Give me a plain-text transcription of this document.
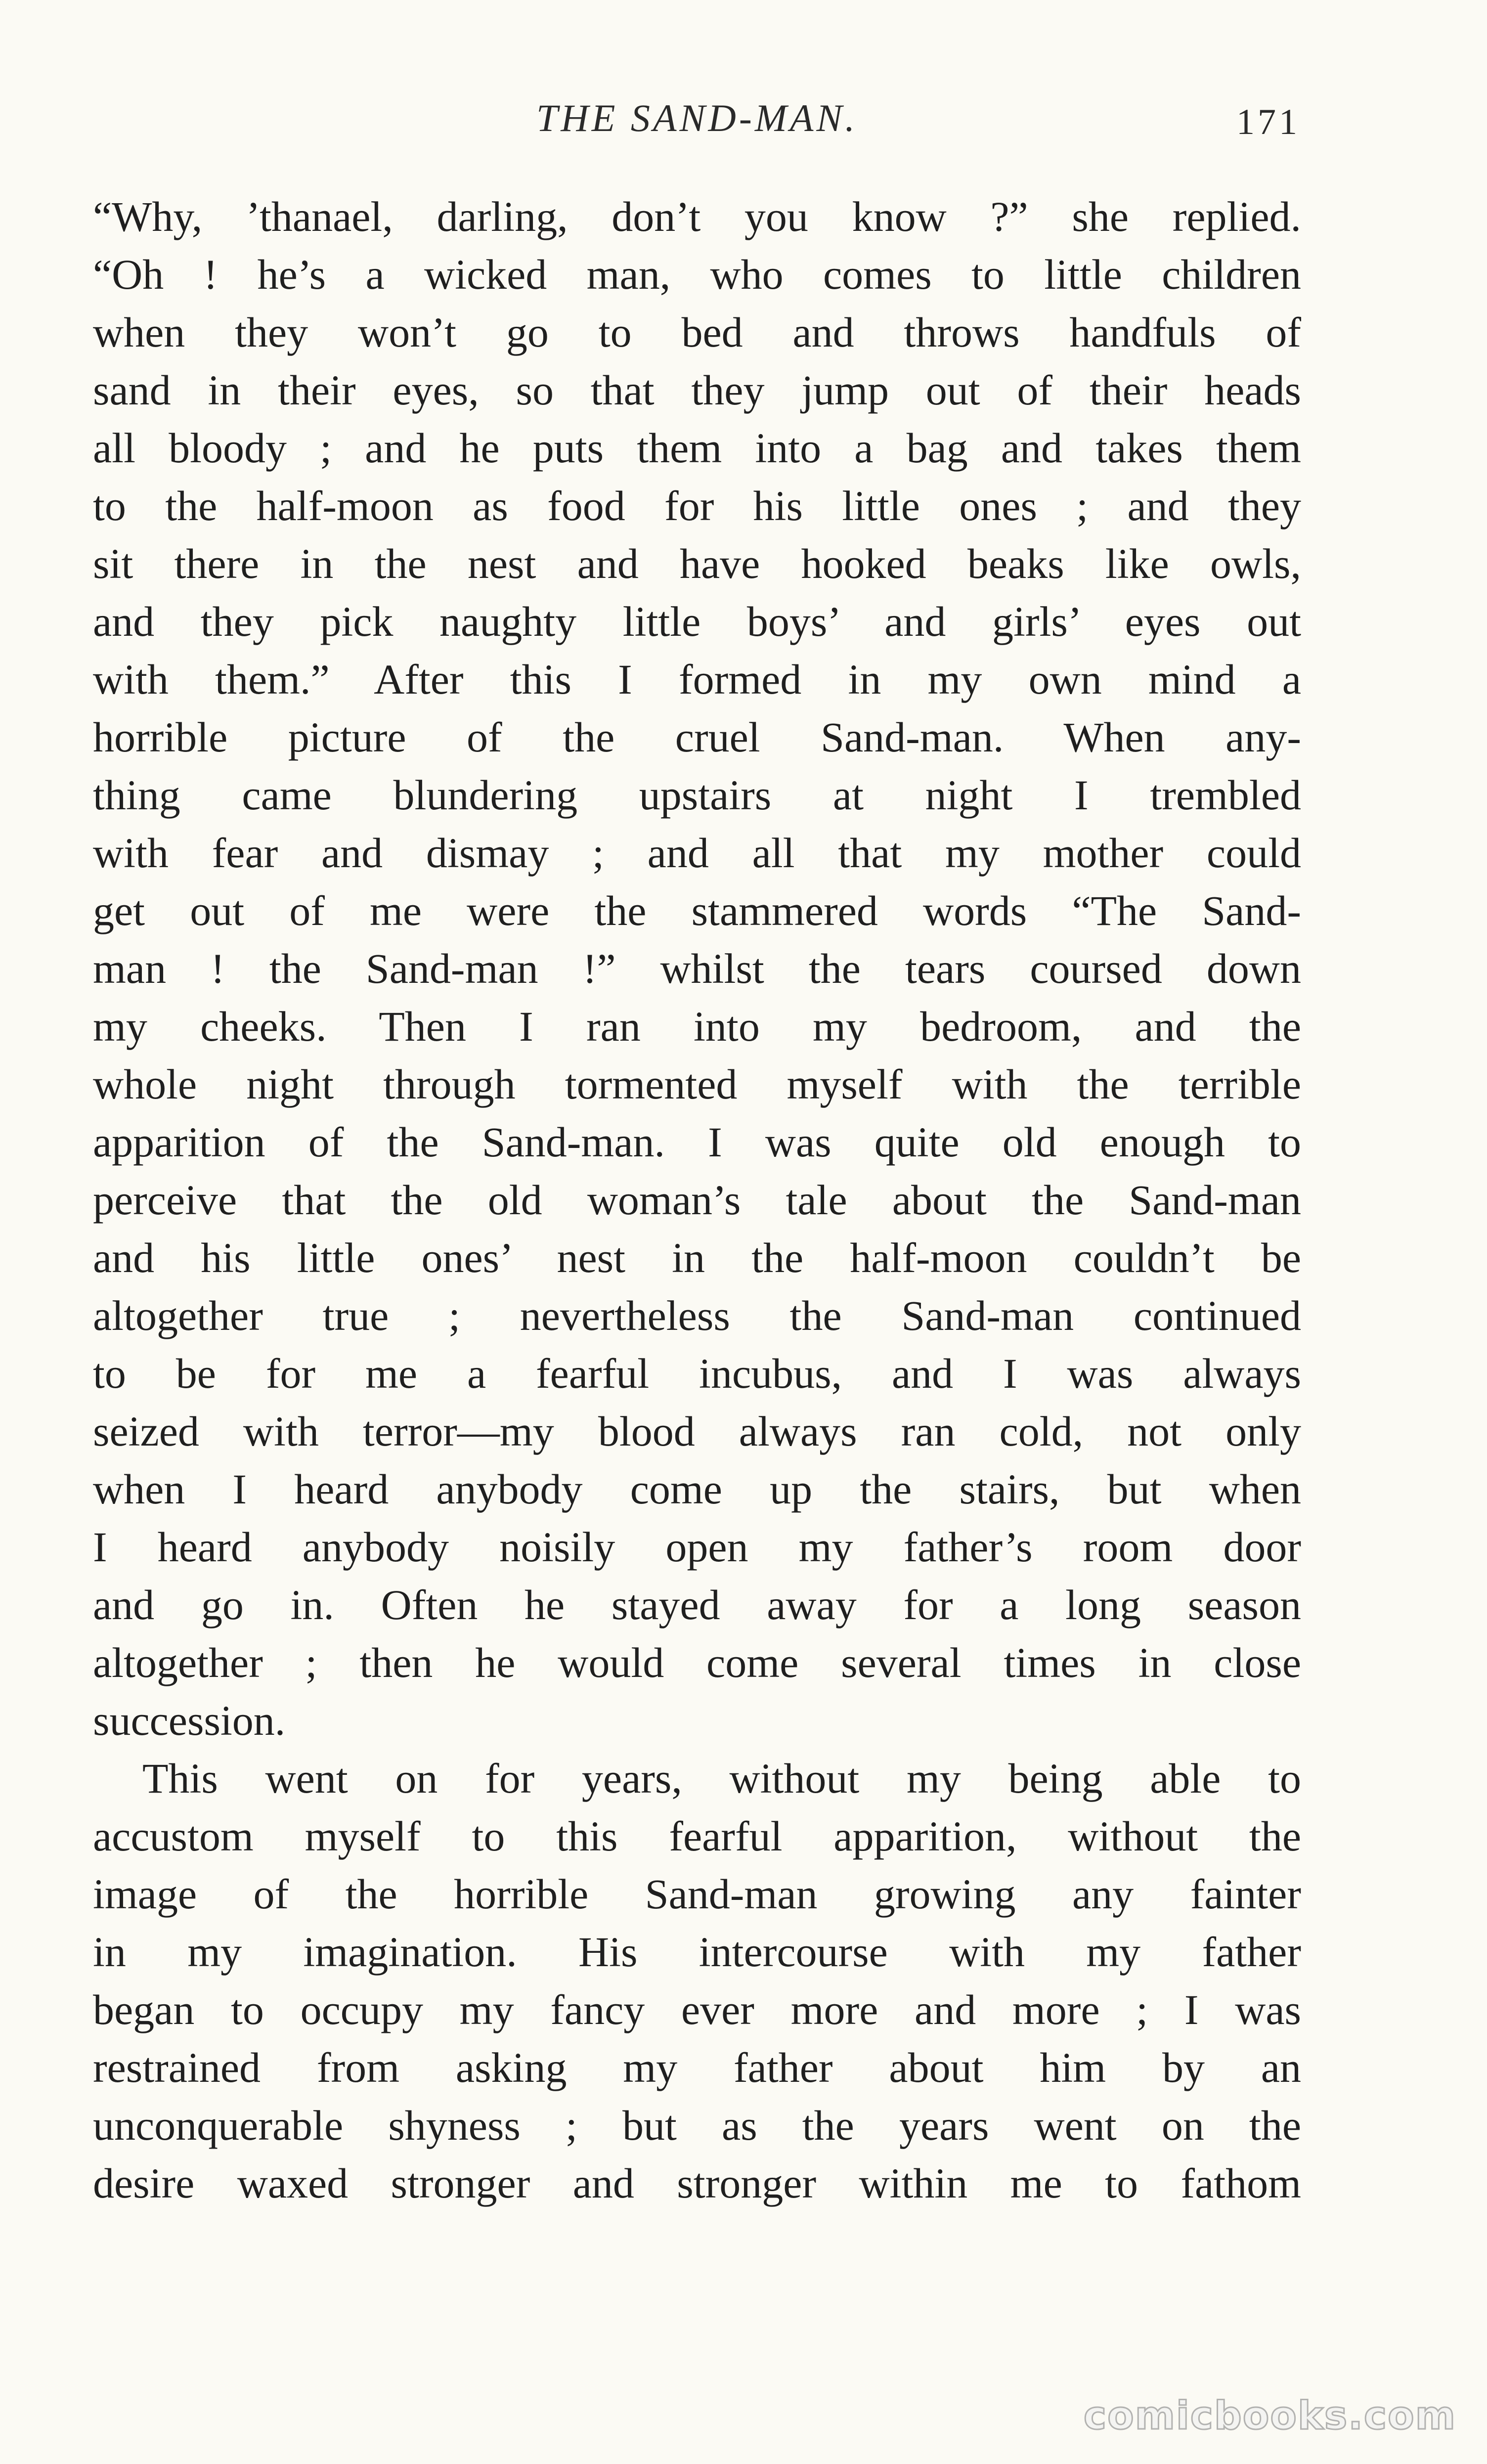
THE SAND-MAN.	171
“Why, ’thanael, darling, don’t you know ?” she replied.
“Oh ! he’s a wicked man, who comes to little children
when they won’t go to bed and throws handfuls of
sand in their eyes, so that they jump out of their heads
all bloody ; and he puts them into a bag and takes them
to the half-moon as food for his little ones ; and they
sit there in the nest and have hooked beaks like owls,
and they pick naughty little boys’ and girls’ eyes out
with them.” After this I formed in my own mind a
horrible picture of the cruel Sand-man. When any-
thing came blundering upstairs at night I trembled
with fear and dismay ; and all that my mother could
get out of me were the stammered words “The Sand-
man ! the Sand-man !” whilst the tears coursed down
my cheeks. Then I ran into my bedroom, and the
whole night through tormented myself with the terrible
apparition of the Sand-man. I was quite old enough to
perceive that the old woman’s tale about the Sand-man
and his little ones’ nest in the half-moon couldn’t be
altogether true ; nevertheless the Sand-man continued
to be for me a fearful incubus, and I was always
seized with terror—my blood always ran cold, not only
when I heard anybody come up the stairs, but when
I heard anybody noisily open my father’s room door
and go in. Often he stayed away for a long season
altogether ; then he would come several times in close
succession.
This went on for years, without my being able to
accustom myself to this fearful apparition, without the
image of the horrible Sand-man growing any fainter
in my imagination. His intercourse with my father
began to occupy my fancy ever more and more ; I was
restrained from asking my father about him by an
unconquerable shyness ; but as the years went on the
desire waxed stronger and stronger within me to fathom
comicbooks.com
